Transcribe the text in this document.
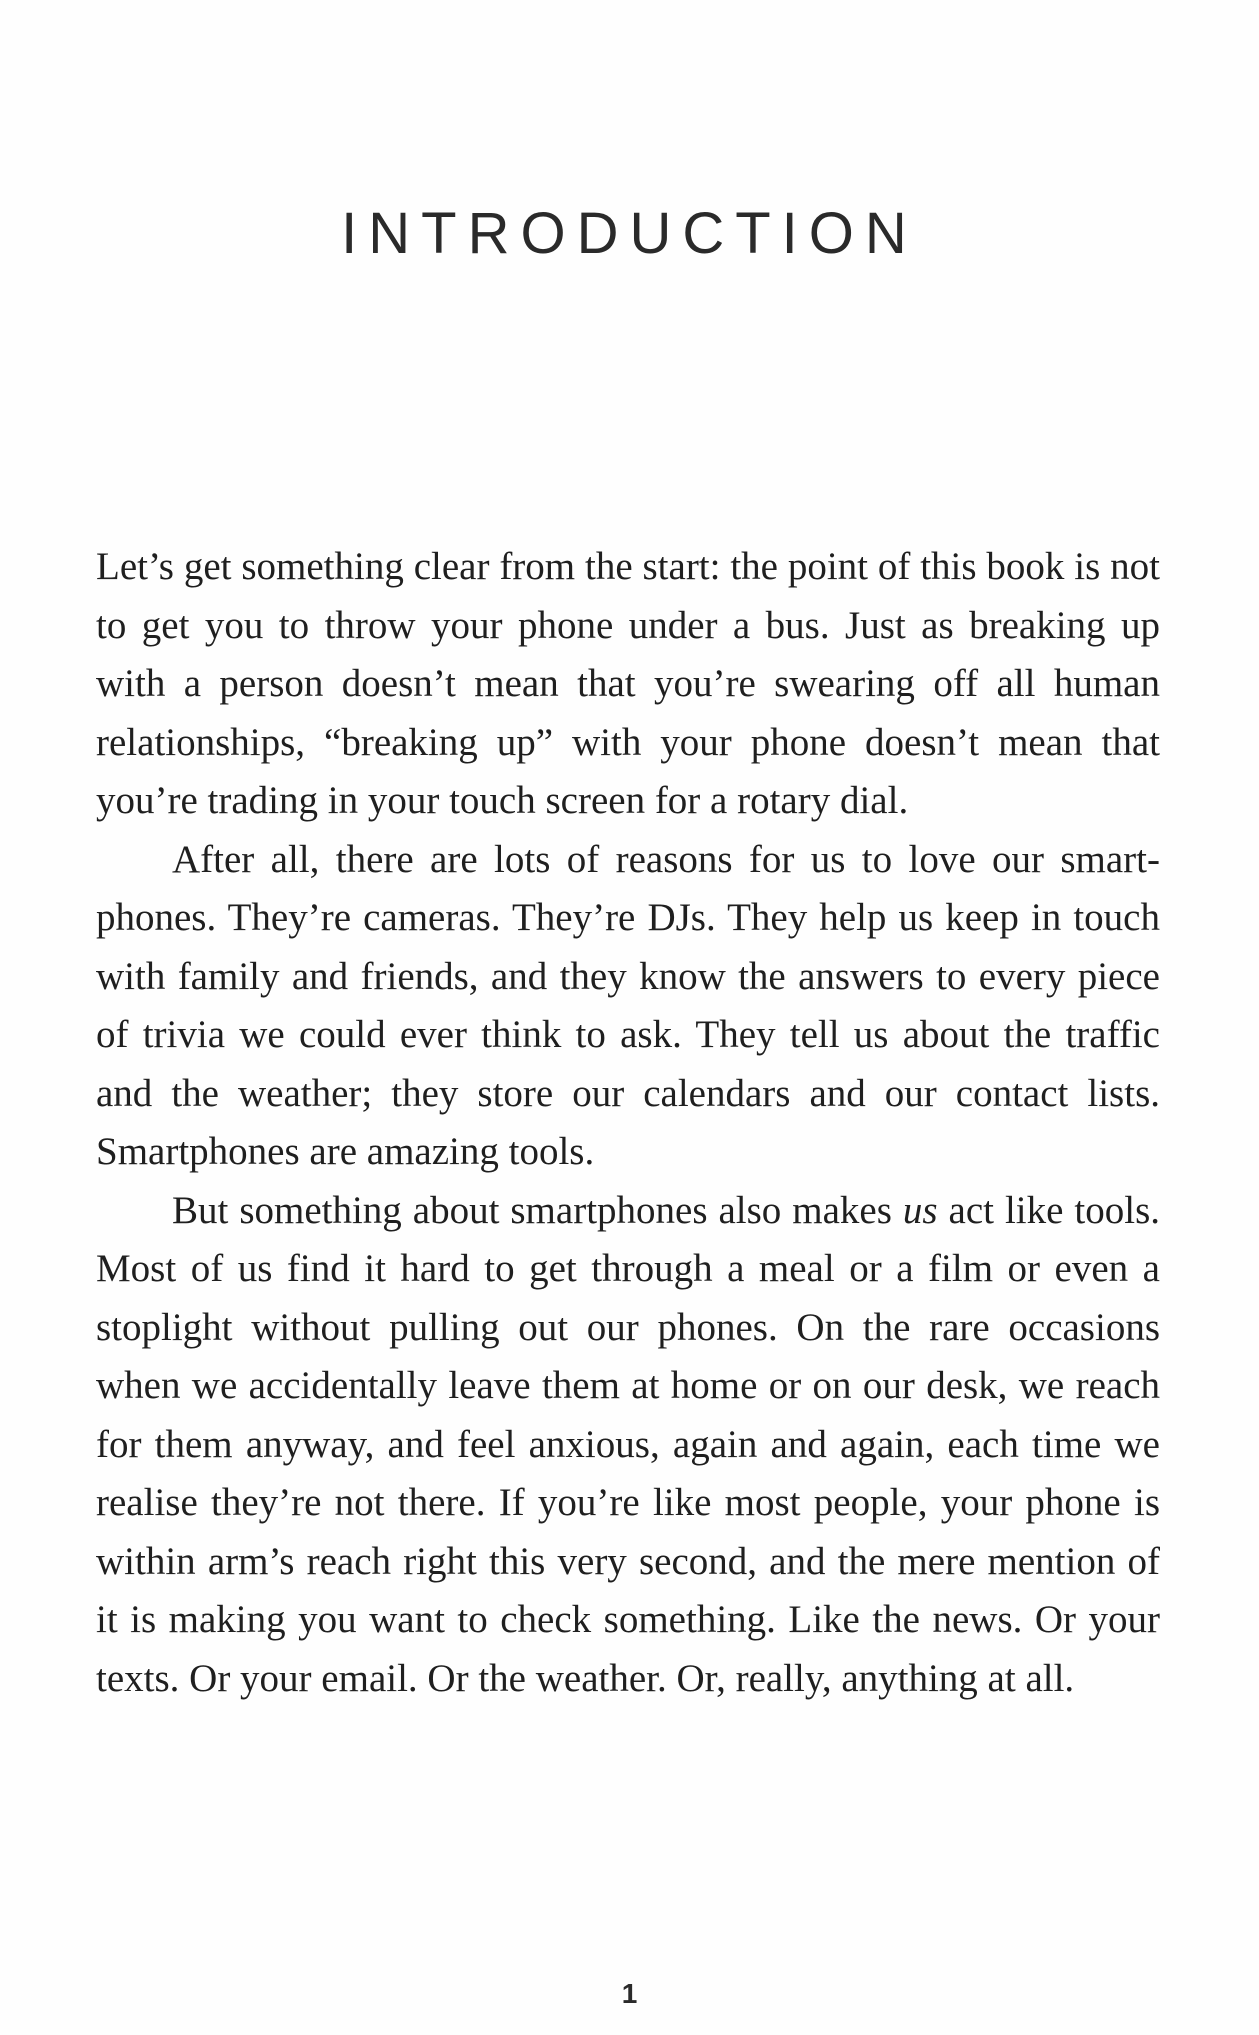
INTRODUCTION

Let’s get something clear from the start: the point of this book is not to get you to throw your phone under a bus. Just as breaking up with a person doesn’t mean that you’re swearing off all human relationships, “breaking up” with your phone doesn’t mean that you’re trading in your touch screen for a rotary dial.

After all, there are lots of reasons for us to love our smartphones. They’re cameras. They’re DJs. They help us keep in touch with family and friends, and they know the answers to every piece of trivia we could ever think to ask. They tell us about the traffic and the weather; they store our calendars and our contact lists. Smartphones are amazing tools.

But something about smartphones also makes us act like tools. Most of us find it hard to get through a meal or a film or even a stoplight without pulling out our phones. On the rare occasions when we accidentally leave them at home or on our desk, we reach for them anyway, and feel anxious, again and again, each time we realise they’re not there. If you’re like most people, your phone is within arm’s reach right this very second, and the mere mention of it is making you want to check something. Like the news. Or your texts. Or your email. Or the weather. Or, really, anything at all.

1
